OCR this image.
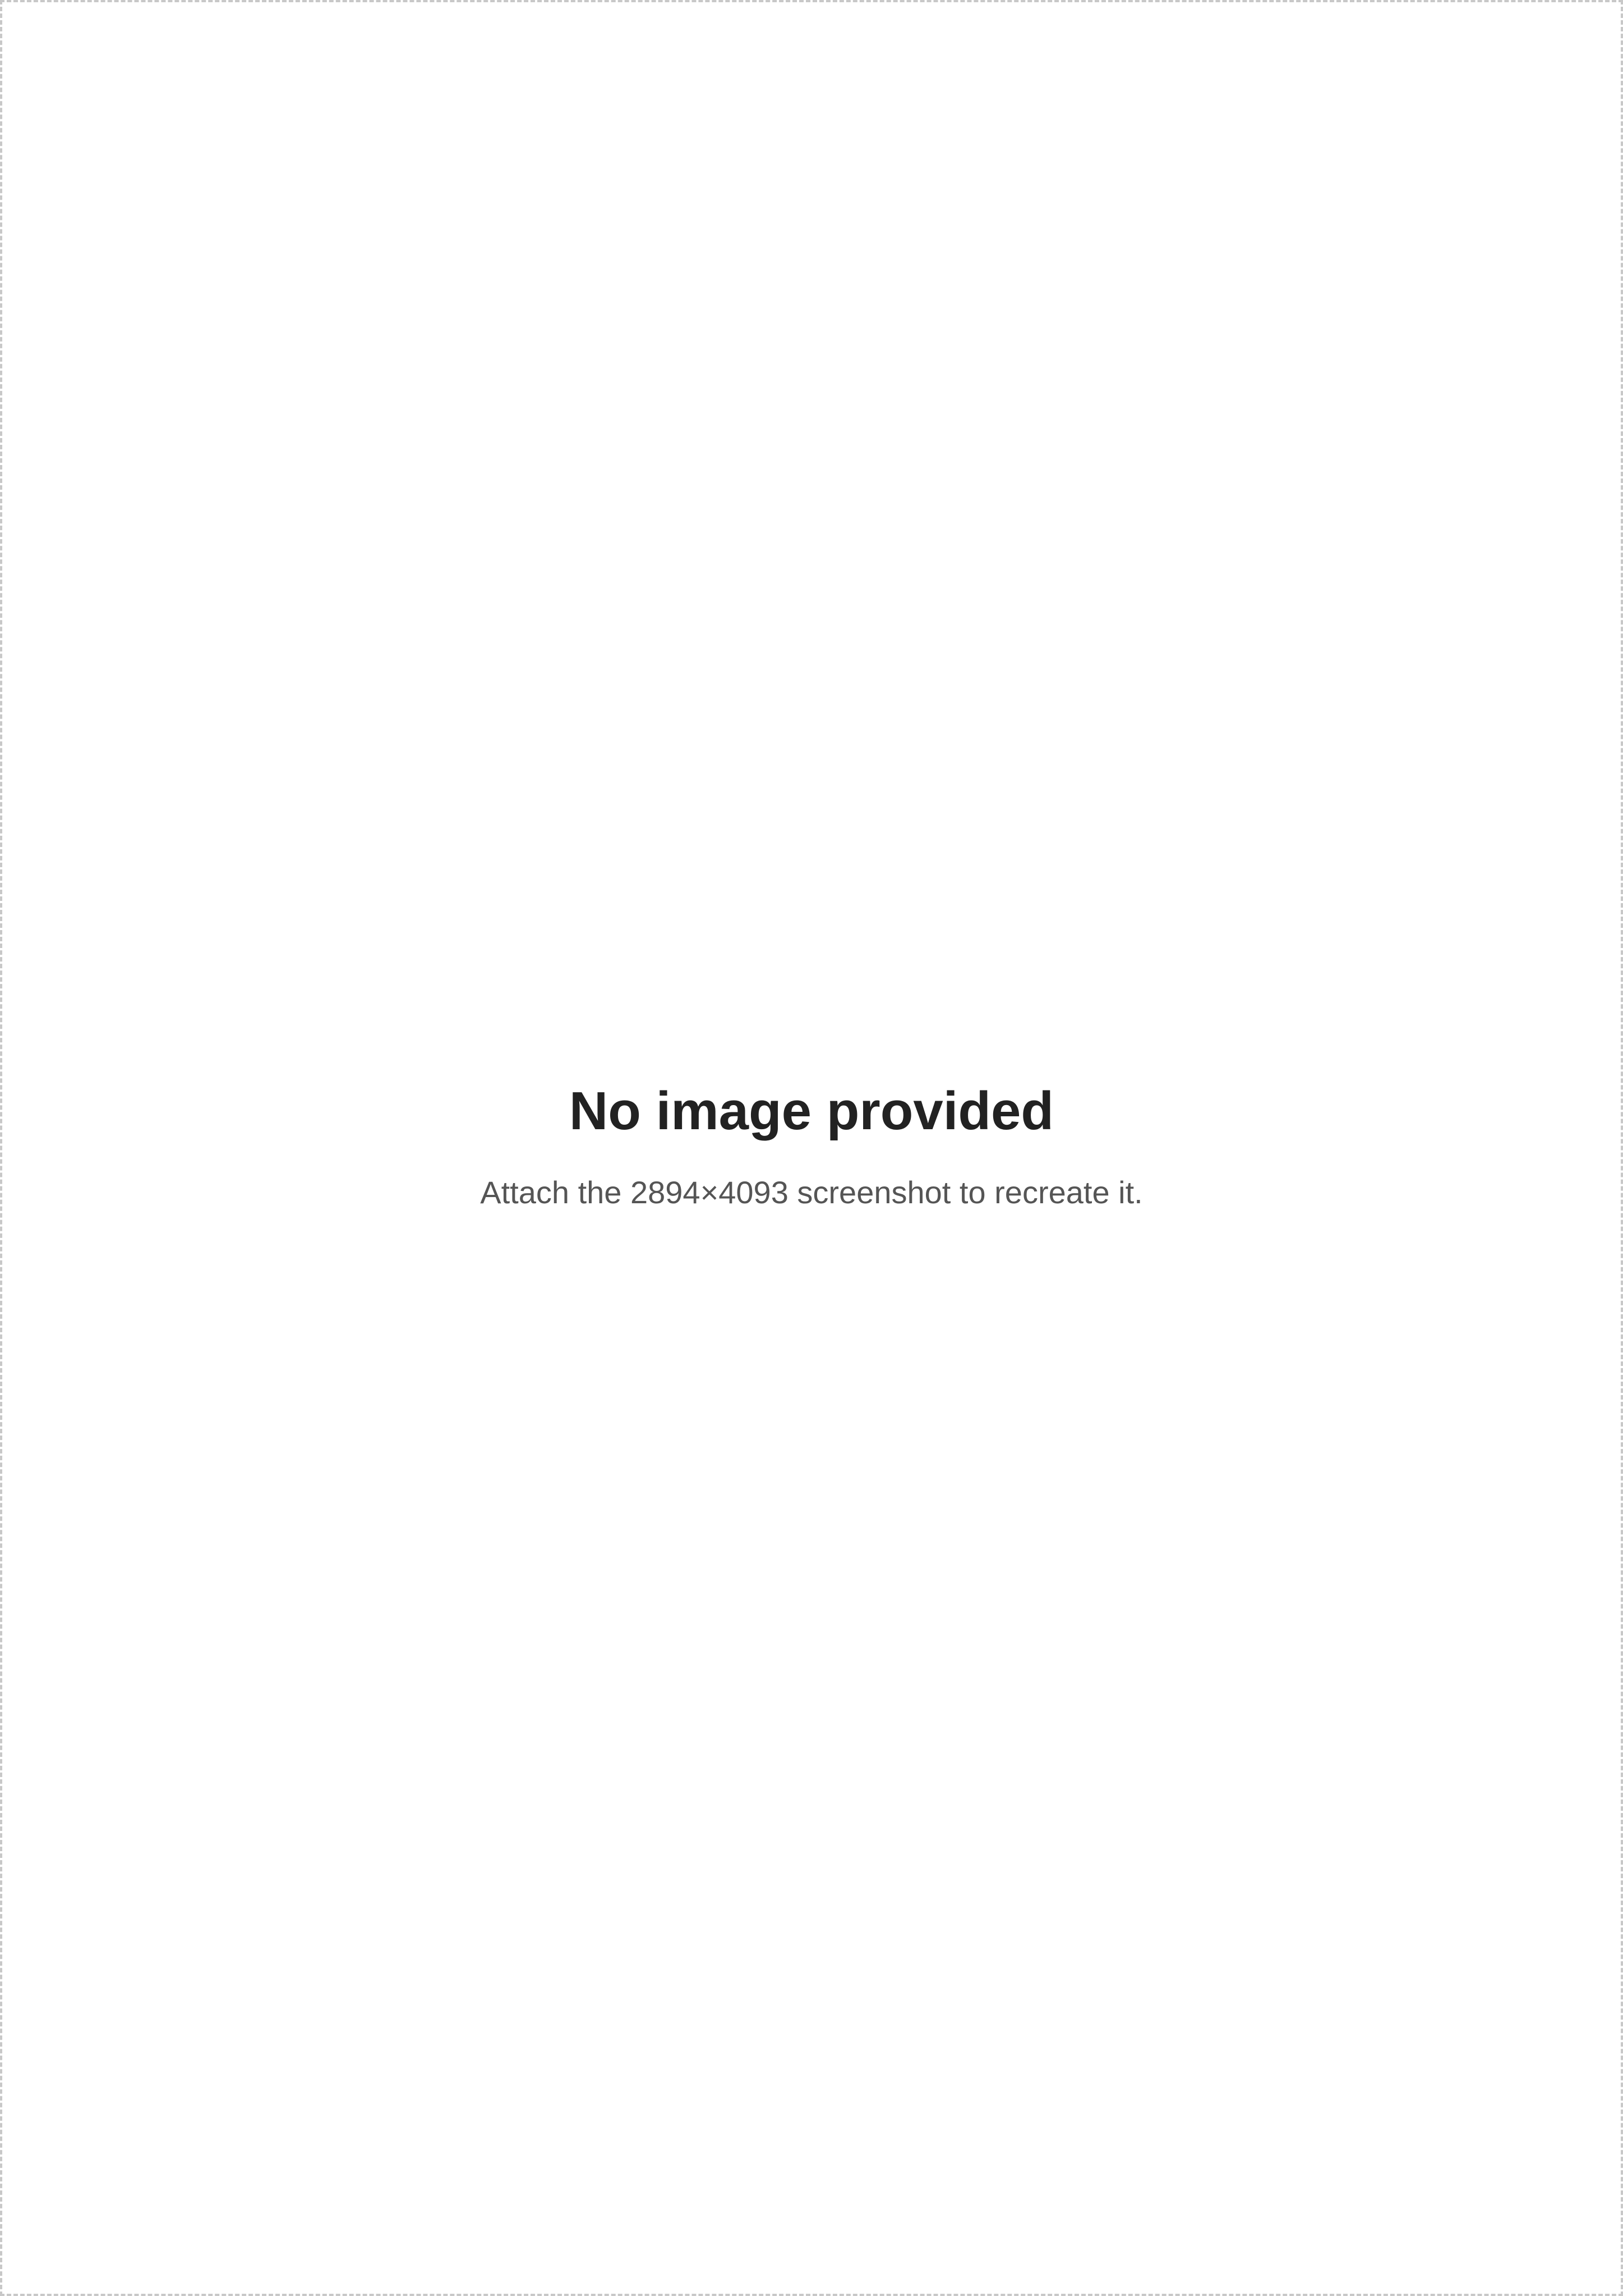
No image provided

Attach the 2894×4093 screenshot to recreate it.
